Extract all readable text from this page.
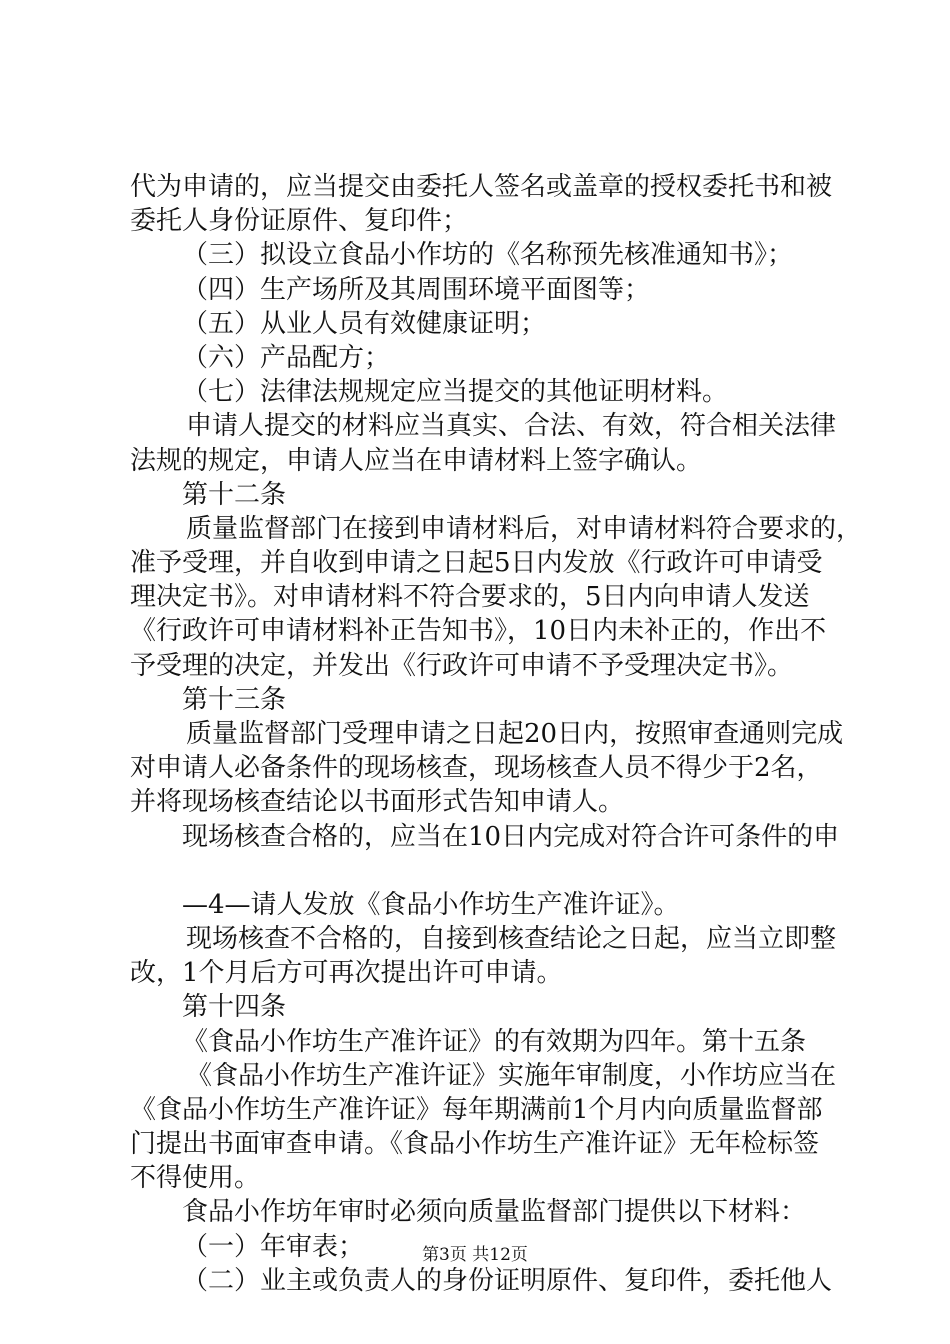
代为申请的，应当提交由委托人签名或盖章的授权委托书和被
委托人身份证原件、复印件；
（三）拟设立食品小作坊的《名称预先核准通知书》；
（四）生产场所及其周围环境平面图等；
（五）从业人员有效健康证明；
（六）产品配方；
（七）法律法规规定应当提交的其他证明材料。
申请人提交的材料应当真实、合法、有效，符合相关法律
法规的规定，申请人应当在申请材料上签字确认。
第十二条
质量监督部门在接到申请材料后，对申请材料符合要求的，
准予受理，并自收到申请之日起5日内发放《行政许可申请受
理决定书》。对申请材料不符合要求的，5日内向申请人发送
《行政许可申请材料补正告知书》，10日内未补正的，作出不
予受理的决定，并发出《行政许可申请不予受理决定书》。
第十三条
质量监督部门受理申请之日起20日内，按照审查通则完成
对申请人必备条件的现场核查，现场核查人员不得少于2名，
并将现场核查结论以书面形式告知申请人。
现场核查合格的，应当在10日内完成对符合许可条件的申
—4—请人发放《食品小作坊生产准许证》。
现场核查不合格的，自接到核查结论之日起，应当立即整
改，1个月后方可再次提出许可申请。
第十四条
《食品小作坊生产准许证》的有效期为四年。第十五条
《食品小作坊生产准许证》实施年审制度，小作坊应当在
《食品小作坊生产准许证》每年期满前1个月内向质量监督部
门提出书面审查申请。《食品小作坊生产准许证》无年检标签
不得使用。
食品小作坊年审时必须向质量监督部门提供以下材料：
（一）年审表；
（二）业主或负责人的身份证明原件、复印件，委托他人
第3页 共12页
